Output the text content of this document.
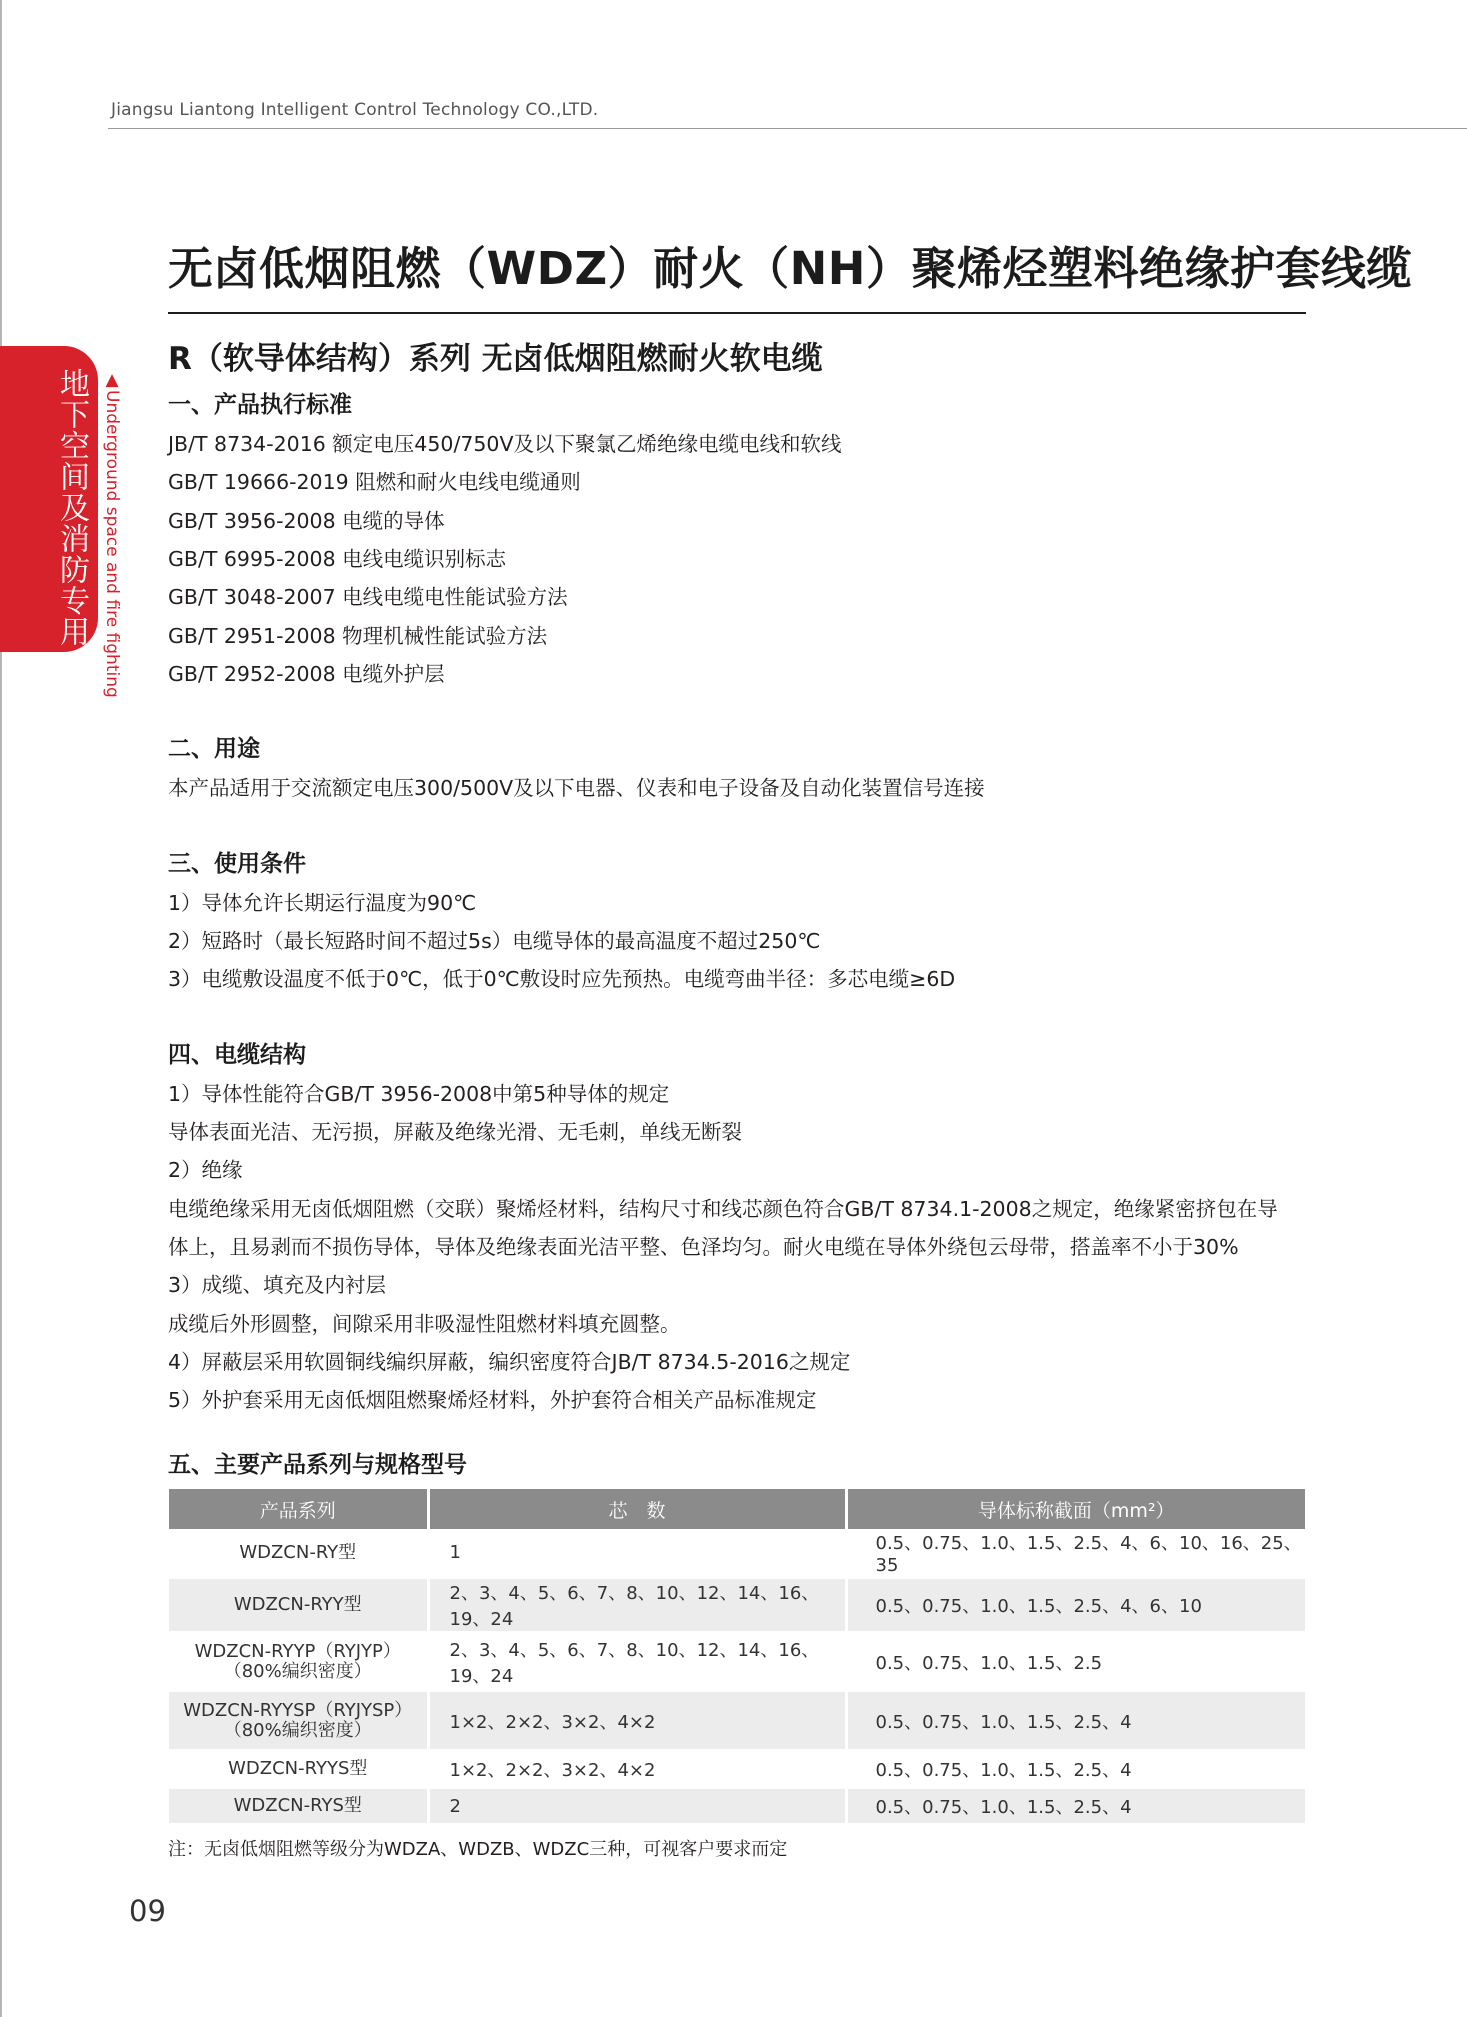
Jiangsu Liantong Intelligent Control Technology CO.,LTD.
地下空间及消防专用 ▲Underground space and fire fighting
无卤低烟阻燃（WDZ）耐火（NH）聚烯烃塑料绝缘护套线缆
R（软导体结构）系列 无卤低烟阻燃耐火软电缆
一、产品执行标准
JB/T 8734-2016 额定电压450/750V及以下聚氯乙烯绝缘电缆电线和软线
GB/T 19666-2019 阻燃和耐火电线电缆通则
GB/T 3956-2008 电缆的导体
GB/T 6995-2008 电线电缆识别标志
GB/T 3048-2007 电线电缆电性能试验方法
GB/T 2951-2008 物理机械性能试验方法
GB/T 2952-2008 电缆外护层
二、用途
本产品适用于交流额定电压300/500V及以下电器、仪表和电子设备及自动化装置信号连接
三、使用条件
1）导体允许长期运行温度为90℃
2）短路时（最长短路时间不超过5s）电缆导体的最高温度不超过250℃
3）电缆敷设温度不低于0℃，低于0℃敷设时应先预热。电缆弯曲半径：多芯电缆≥6D
四、电缆结构
1）导体性能符合GB/T 3956-2008中第5种导体的规定
导体表面光洁、无污损，屏蔽及绝缘光滑、无毛刺，单线无断裂
2）绝缘
电缆绝缘采用无卤低烟阻燃（交联）聚烯烃材料，结构尺寸和线芯颜色符合GB/T 8734.1-2008之规定，绝缘紧密挤包在导
体上，且易剥而不损伤导体，导体及绝缘表面光洁平整、色泽均匀。耐火电缆在导体外绕包云母带，搭盖率不小于30%
3）成缆、填充及内衬层
成缆后外形圆整，间隙采用非吸湿性阻燃材料填充圆整。
4）屏蔽层采用软圆铜线编织屏蔽，编织密度符合JB/T 8734.5-2016之规定
5）外护套采用无卤低烟阻燃聚烯烃材料，外护套符合相关产品标准规定
五、主要产品系列与规格型号
产品系列	芯　数	导体标称截面（mm²）
WDZCN-RY型	1	0.5、0.75、1.0、1.5、2.5、4、6、10、16、25、35
WDZCN-RYY型	2、3、4、5、6、7、8、10、12、14、16、19、24	0.5、0.75、1.0、1.5、2.5、4、6、10

WDZCN-RYYP（RYJYP）
（80%编织密度）	2、3、4、5、6、7、8、10、12、14、16、19、24	0.5、0.75、1.0、1.5、2.5

WDZCN-RYYSP（RYJYSP）
（80%编织密度）	1×2、2×2、3×2、4×2	0.5、0.75、1.0、1.5、2.5、4
WDZCN-RYYS型	1×2、2×2、3×2、4×2	0.5、0.75、1.0、1.5、2.5、4
WDZCN-RYS型	2	0.5、0.75、1.0、1.5、2.5、4
注：无卤低烟阻燃等级分为WDZA、WDZB、WDZC三种，可视客户要求而定
09
